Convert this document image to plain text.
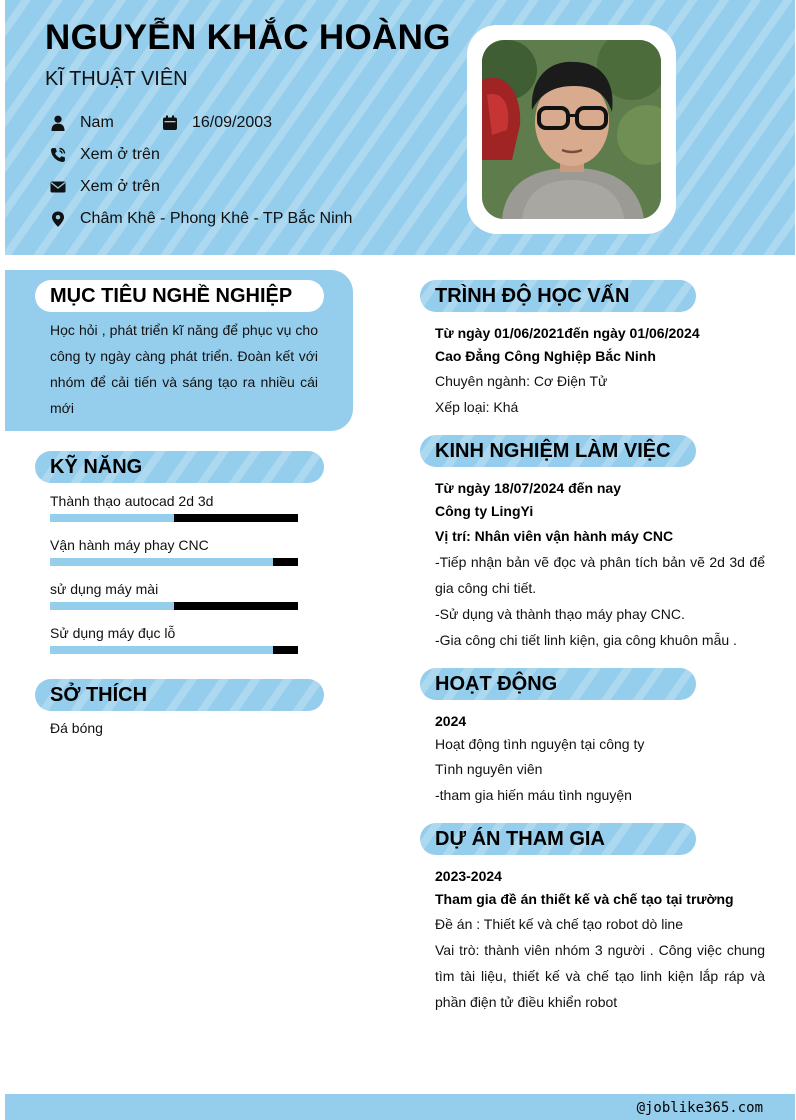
NGUYỄN KHẮC HOÀNG
KĨ THUẬT VIÊN
Nam	16/09/2003
Xem ở trên
Xem ở trên
Châm Khê - Phong Khê - TP Bắc Ninh
MỤC TIÊU NGHỀ NGHIỆP
Học hỏi , phát triển kĩ năng để phục vụ cho công ty ngày càng phát triển. Đoàn kết với nhóm để cải tiến và sáng tạo ra nhiều cái mới
KỸ NĂNG
Thành thạo autocad 2d 3d
Vận hành máy phay CNC
sử dụng máy mài
Sử dụng máy đục lỗ
SỞ THÍCH
Đá bóng
TRÌNH ĐỘ HỌC VẤN
Từ ngày 01/06/2021đến ngày 01/06/2024
Cao Đẳng Công Nghiệp Bắc Ninh
Chuyên ngành: Cơ Điện Tử
Xếp loại: Khá
KINH NGHIỆM LÀM VIỆC
Từ ngày 18/07/2024 đến nay
Công ty LingYi
Vị trí: Nhân viên vận hành máy CNC
-Tiếp nhận bản vẽ đọc và phân tích bản vẽ 2d 3d để gia công chi tiết.
-Sử dụng và thành thạo máy phay CNC.
-Gia công chi tiết linh kiện, gia công khuôn mẫu .
HOẠT ĐỘNG
2024
Hoạt động tình nguyện tại công ty
Tình nguyên viên
-tham gia hiến máu tình nguyện
DỰ ÁN THAM GIA
2023-2024
Tham gia đề án thiết kế và chế tạo tại trường
Đề án : Thiết kế và chế tạo robot dò line
Vai trò: thành viên nhóm 3 người . Công việc chung tìm tài liệu, thiết kế và chế tạo linh kiện lắp ráp và phần điện tử điều khiển robot
@joblike365.com
